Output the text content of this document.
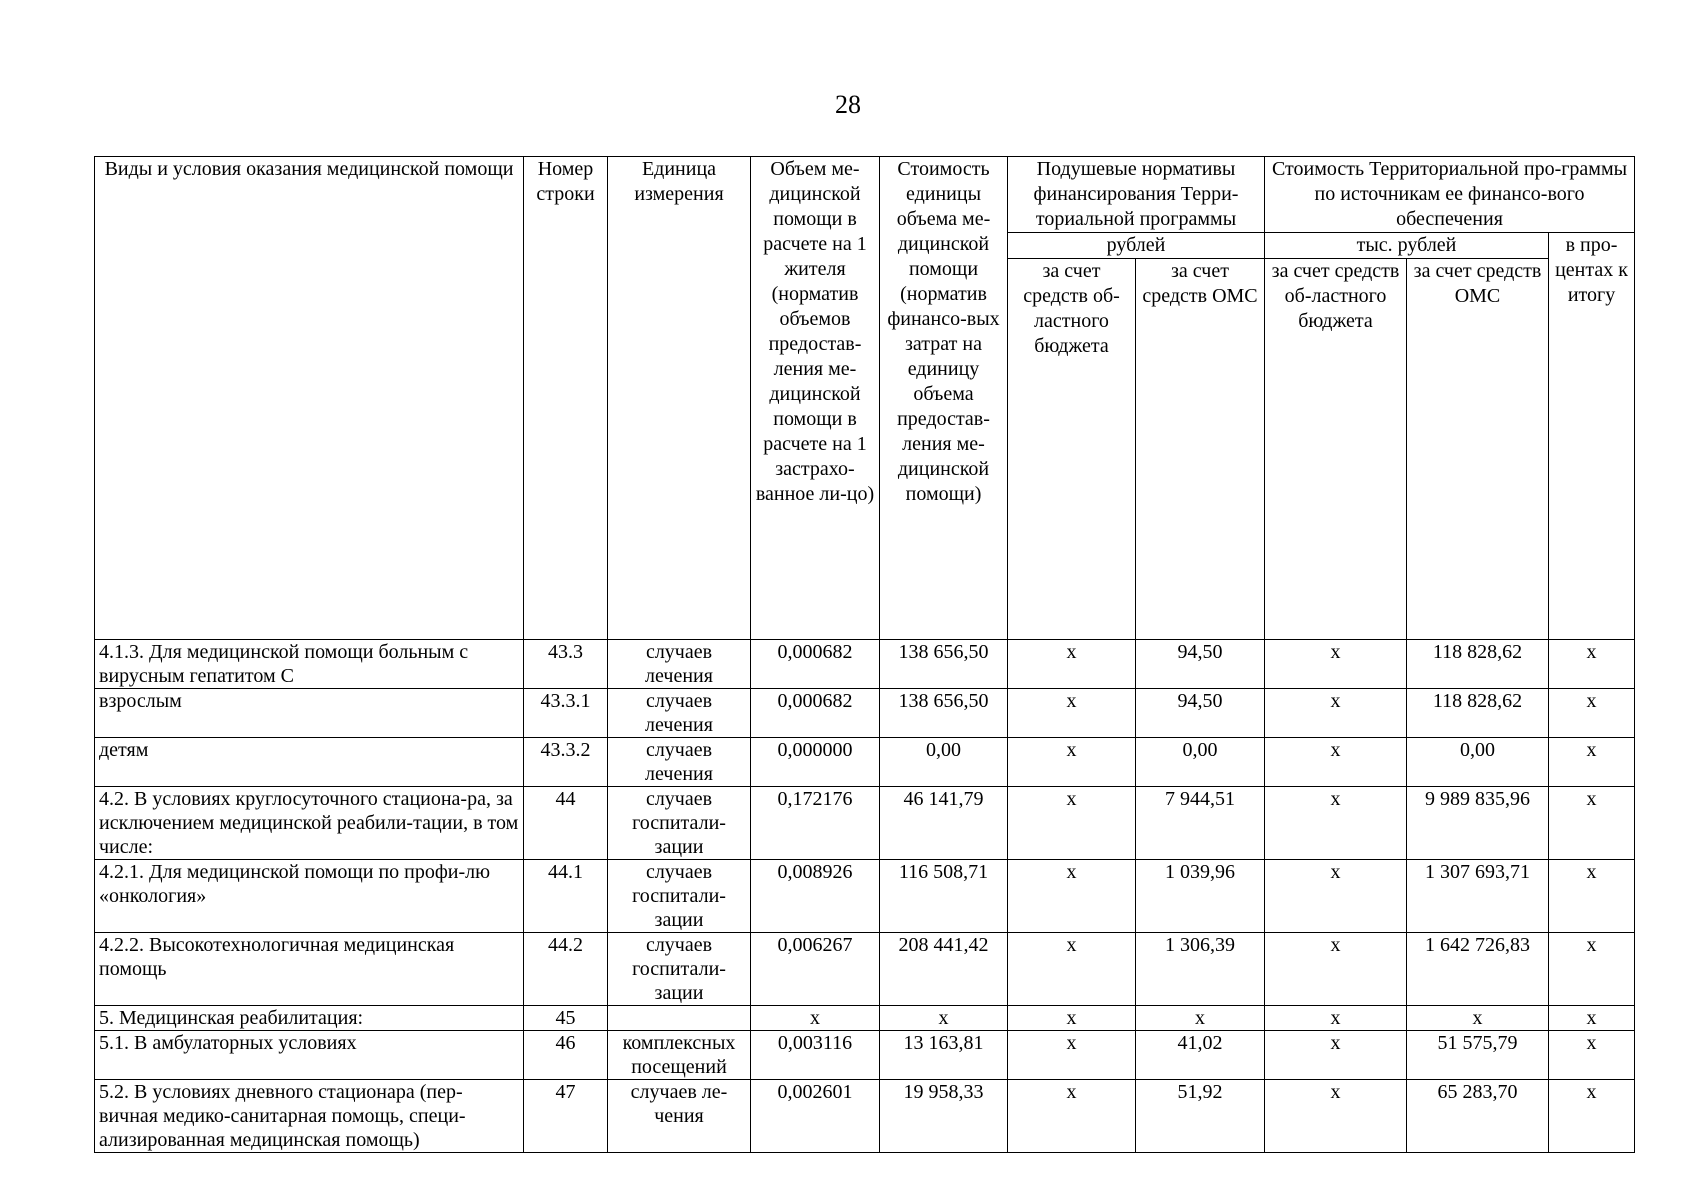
28
Виды и условия оказания медицинской помощи	Номер строки	Единица измерения	Объем ме-дицинской помощи в расчете на 1 жителя (норматив объемов предостав-ления ме-дицинской помощи в расчете на 1 застрахо-ванное ли-цо)	Стоимость единицы объема ме-дицинской помощи (норматив финансо-вых затрат на единицу объема предостав-ления ме-дицинской помощи)	Подушевые нормативы финансирования Терри-ториальной программы		Стоимость Территориальной про-граммы по источникам ее финансо-вого обеспечения		
					рублей		тыс. рублей		в про-центах к итогу
					за счет средств об-ластного бюджета	за счет средств ОМС	за счет средств об-ластного бюджета	за счет средств ОМС	
4.1.3. Для медицинской помощи больным с вирусным гепатитом С	43.3	случаев лечения	0,000682	138 656,50	х	94,50	х	118 828,62	х
взрослым	43.3.1	случаев лечения	0,000682	138 656,50	х	94,50	х	118 828,62	х
детям	43.3.2	случаев лечения	0,000000	0,00	х	0,00	х	0,00	х
4.2. В условиях круглосуточного стациона-ра, за исключением медицинской реабили-тации, в том числе:	44	случаев госпитали-зации	0,172176	46 141,79	х	7 944,51	х	9 989 835,96	х
4.2.1. Для медицинской помощи по профи-лю «онкология»	44.1	случаев госпитали-зации	0,008926	116 508,71	х	1 039,96	х	1 307 693,71	х
4.2.2. Высокотехнологичная медицинская помощь	44.2	случаев госпитали-зации	0,006267	208 441,42	х	1 306,39	х	1 642 726,83	х
5. Медицинская реабилитация:	45		х	х	х	х	х	х	х
5.1. В амбулаторных условиях	46	комплексных посещений	0,003116	13 163,81	х	41,02	х	51 575,79	х
5.2. В условиях дневного стационара (пер-вичная медико-санитарная помощь, специ-ализированная медицинская помощь)	47	случаев ле-чения	0,002601	19 958,33	х	51,92	х	65 283,70	х
